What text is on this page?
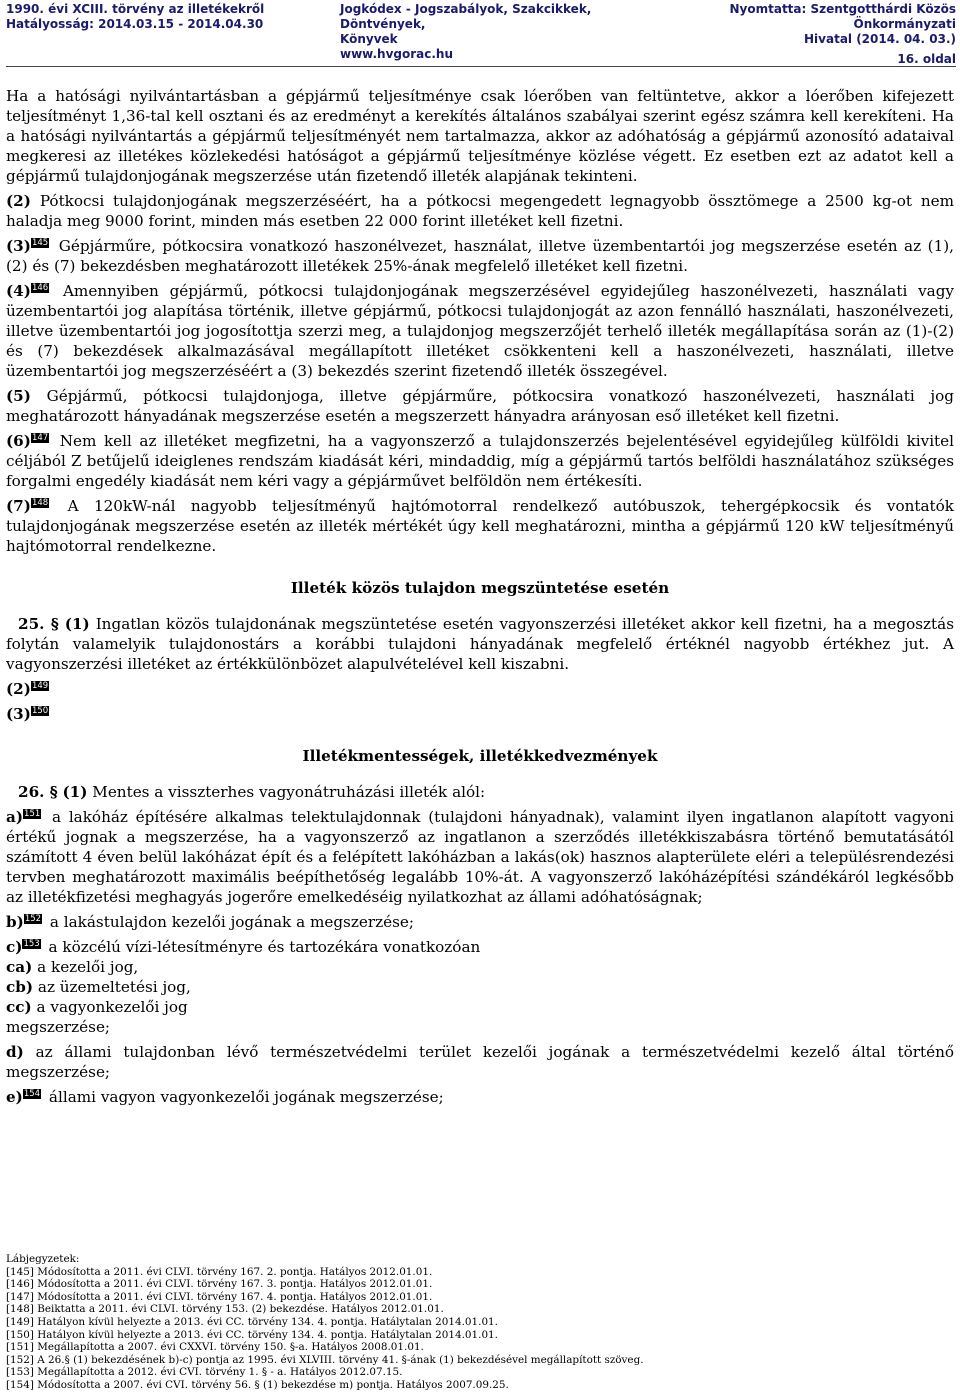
1990. évi XCIII. törvény az illetékekről
Hatályosság: 2014.03.15 - 2014.04.30
Jogkódex - Jogszabályok, Szakcikkek, Döntvények,
Könyvek
www.hvgorac.hu
Nyomtatta: Szentgotthárdi Közös Önkormányzati
Hivatal (2014. 04. 03.)
16. oldal

Ha a hatósági nyilvántartásban a gépjármű teljesítménye csak lóerőben van feltüntetve, akkor a lóerőben kifejezett teljesítményt 1,36-tal kell osztani és az eredményt a kerekítés általános szabályai szerint egész számra kell kerekíteni. Ha a hatósági nyilvántartás a gépjármű teljesítményét nem tartalmazza, akkor az adóhatóság a gépjármű azonosító adataival megkeresi az illetékes közlekedési hatóságot a gépjármű teljesítménye közlése végett. Ez esetben ezt az adatot kell a gépjármű tulajdonjogának megszerzése után fizetendő illeték alapjának tekinteni.

(2) Pótkocsi tulajdonjogának megszerzéséért, ha a pótkocsi megengedett legnagyobb össztömege a 2500 kg-ot nem haladja meg 9000 forint, minden más esetben 22 000 forint illetéket kell fizetni.

(3)145 Gépjárműre, pótkocsira vonatkozó haszonélvezet, használat, illetve üzembentartói jog megszerzése esetén az (1), (2) és (7) bekezdésben meghatározott illetékek 25%-ának megfelelő illetéket kell fizetni.

(4)146 Amennyiben gépjármű, pótkocsi tulajdonjogának megszerzésével egyidejűleg haszonélvezeti, használati vagy üzembentartói jog alapítása történik, illetve gépjármű, pótkocsi tulajdonjogát az azon fennálló használati, haszonélvezeti, illetve üzembentartói jog jogosítottja szerzi meg, a tulajdonjog megszerzőjét terhelő illeték megállapítása során az (1)-(2) és (7) bekezdések alkalmazásával megállapított illetéket csökkenteni kell a haszonélvezeti, használati, illetve üzembentartói jog megszerzéséért a (3) bekezdés szerint fizetendő illeték összegével.

(5) Gépjármű, pótkocsi tulajdonjoga, illetve gépjárműre, pótkocsira vonatkozó haszonélvezeti, használati jog meghatározott hányadának megszerzése esetén a megszerzett hányadra arányosan eső illetéket kell fizetni.

(6)147 Nem kell az illetéket megfizetni, ha a vagyonszerző a tulajdonszerzés bejelentésével egyidejűleg külföldi kivitel céljából Z betűjelű ideiglenes rendszám kiadását kéri, mindaddig, míg a gépjármű tartós belföldi használatához szükséges forgalmi engedély kiadását nem kéri vagy a gépjárművet belföldön nem értékesíti.

(7)148 A 120kW-nál nagyobb teljesítményű hajtómotorral rendelkező autóbuszok, tehergépkocsik és vontatók tulajdonjogának megszerzése esetén az illeték mértékét úgy kell meghatározni, mintha a gépjármű 120 kW teljesítményű hajtómotorral rendelkezne.

Illeték közös tulajdon megszüntetése esetén

25. § (1) Ingatlan közös tulajdonának megszüntetése esetén vagyonszerzési illetéket akkor kell fizetni, ha a megosztás folytán valamelyik tulajdonostárs a korábbi tulajdoni hányadának megfelelő értéknél nagyobb értékhez jut. A vagyonszerzési illetéket az értékkülönbözet alapulvételével kell kiszabni.

(2)149

(3)150

Illetékmentességek, illetékkedvezmények

26. § (1) Mentes a visszterhes vagyonátruházási illeték alól:

a)151 a lakóház építésére alkalmas telektulajdonnak (tulajdoni hányadnak), valamint ilyen ingatlanon alapított vagyoni értékű jognak a megszerzése, ha a vagyonszerző az ingatlanon a szerződés illetékkiszabásra történő bemutatásától számított 4 éven belül lakóházat épít és a felépített lakóházban a lakás(ok) hasznos alapterülete eléri a településrendezési tervben meghatározott maximális beépíthetőség legalább 10%-át. A vagyonszerző lakóházépítési szándékáról legkésőbb az illetékfizetési meghagyás jogerőre emelkedéséig nyilatkozhat az állami adóhatóságnak;

b)152 a lakástulajdon kezelői jogának a megszerzése;

c)153 a közcélú vízi-létesítményre és tartozékára vonatkozóan

ca) a kezelői jog,

cb) az üzemeltetési jog,

cc) a vagyonkezelői jog

megszerzése;

d) az állami tulajdonban lévő természetvédelmi terület kezelői jogának a természetvédelmi kezelő által történő megszerzése;

e)154 állami vagyon vagyonkezelői jogának megszerzése;

Lábjegyzetek:
[145] Módosította a 2011. évi CLVI. törvény 167. 2. pontja. Hatályos 2012.01.01.
[146] Módosította a 2011. évi CLVI. törvény 167. 3. pontja. Hatályos 2012.01.01.
[147] Módosította a 2011. évi CLVI. törvény 167. 4. pontja. Hatályos 2012.01.01.
[148] Beiktatta a 2011. évi CLVI. törvény 153. (2) bekezdése. Hatályos 2012.01.01.
[149] Hatályon kívül helyezte a 2013. évi CC. törvény 134. 4. pontja. Hatálytalan 2014.01.01.
[150] Hatályon kívül helyezte a 2013. évi CC. törvény 134. 4. pontja. Hatálytalan 2014.01.01.
[151] Megállapította a 2007. évi CXXVI. törvény 150. §-a. Hatályos 2008.01.01.
[152] A 26.§ (1) bekezdésének b)-c) pontja az 1995. évi XLVIII. törvény 41. §-ának (1) bekezdésével megállapított szöveg.
[153] Megállapította a 2012. évi CVI. törvény 1. § - a. Hatályos 2012.07.15.
[154] Módosította a 2007. évi CVI. törvény 56. § (1) bekezdése m) pontja. Hatályos 2007.09.25.
